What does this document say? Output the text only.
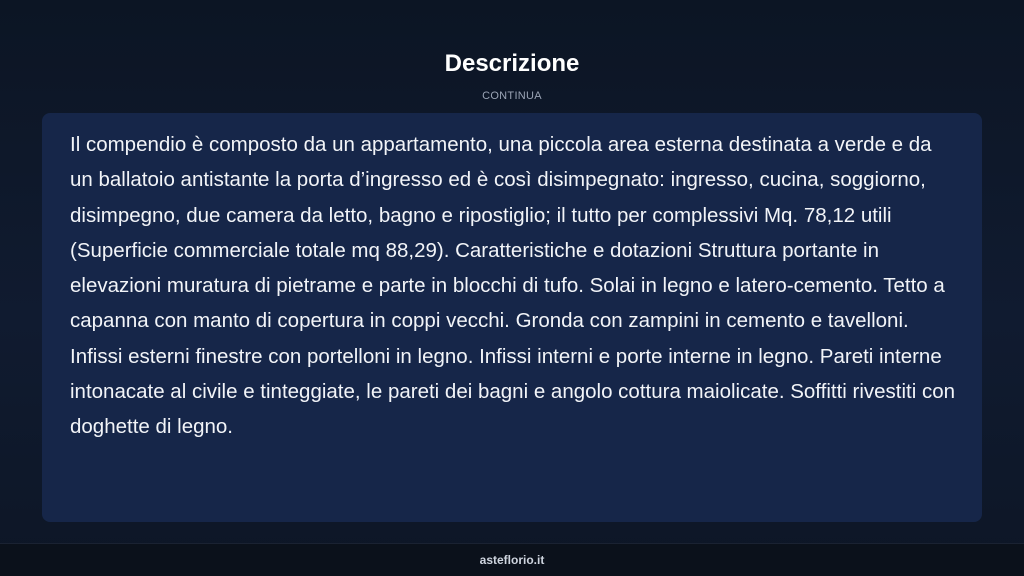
Descrizione
CONTINUA

Il compendio è composto da un appartamento, una piccola area esterna destinata a verde e da un ballatoio antistante la porta d’ingresso ed è così disimpegnato: ingresso, cucina, soggiorno, disimpegno, due camera da letto, bagno e ripostiglio; il tutto per complessivi Mq. 78,12 utili (Superficie commerciale totale mq 88,29). Caratteristiche e dotazioni Struttura portante in elevazioni muratura di pietrame e parte in blocchi di tufo. Solai in legno e latero-cemento. Tetto a capanna con manto di copertura in coppi vecchi. Gronda con zampini in cemento e tavelloni. Infissi esterni finestre con portelloni in legno. Infissi interni e porte interne in legno. Pareti interne intonacate al civile e tinteggiate, le pareti dei bagni e angolo cottura maiolicate. Soffitti rivestiti con doghette di legno.

asteflorio.it
